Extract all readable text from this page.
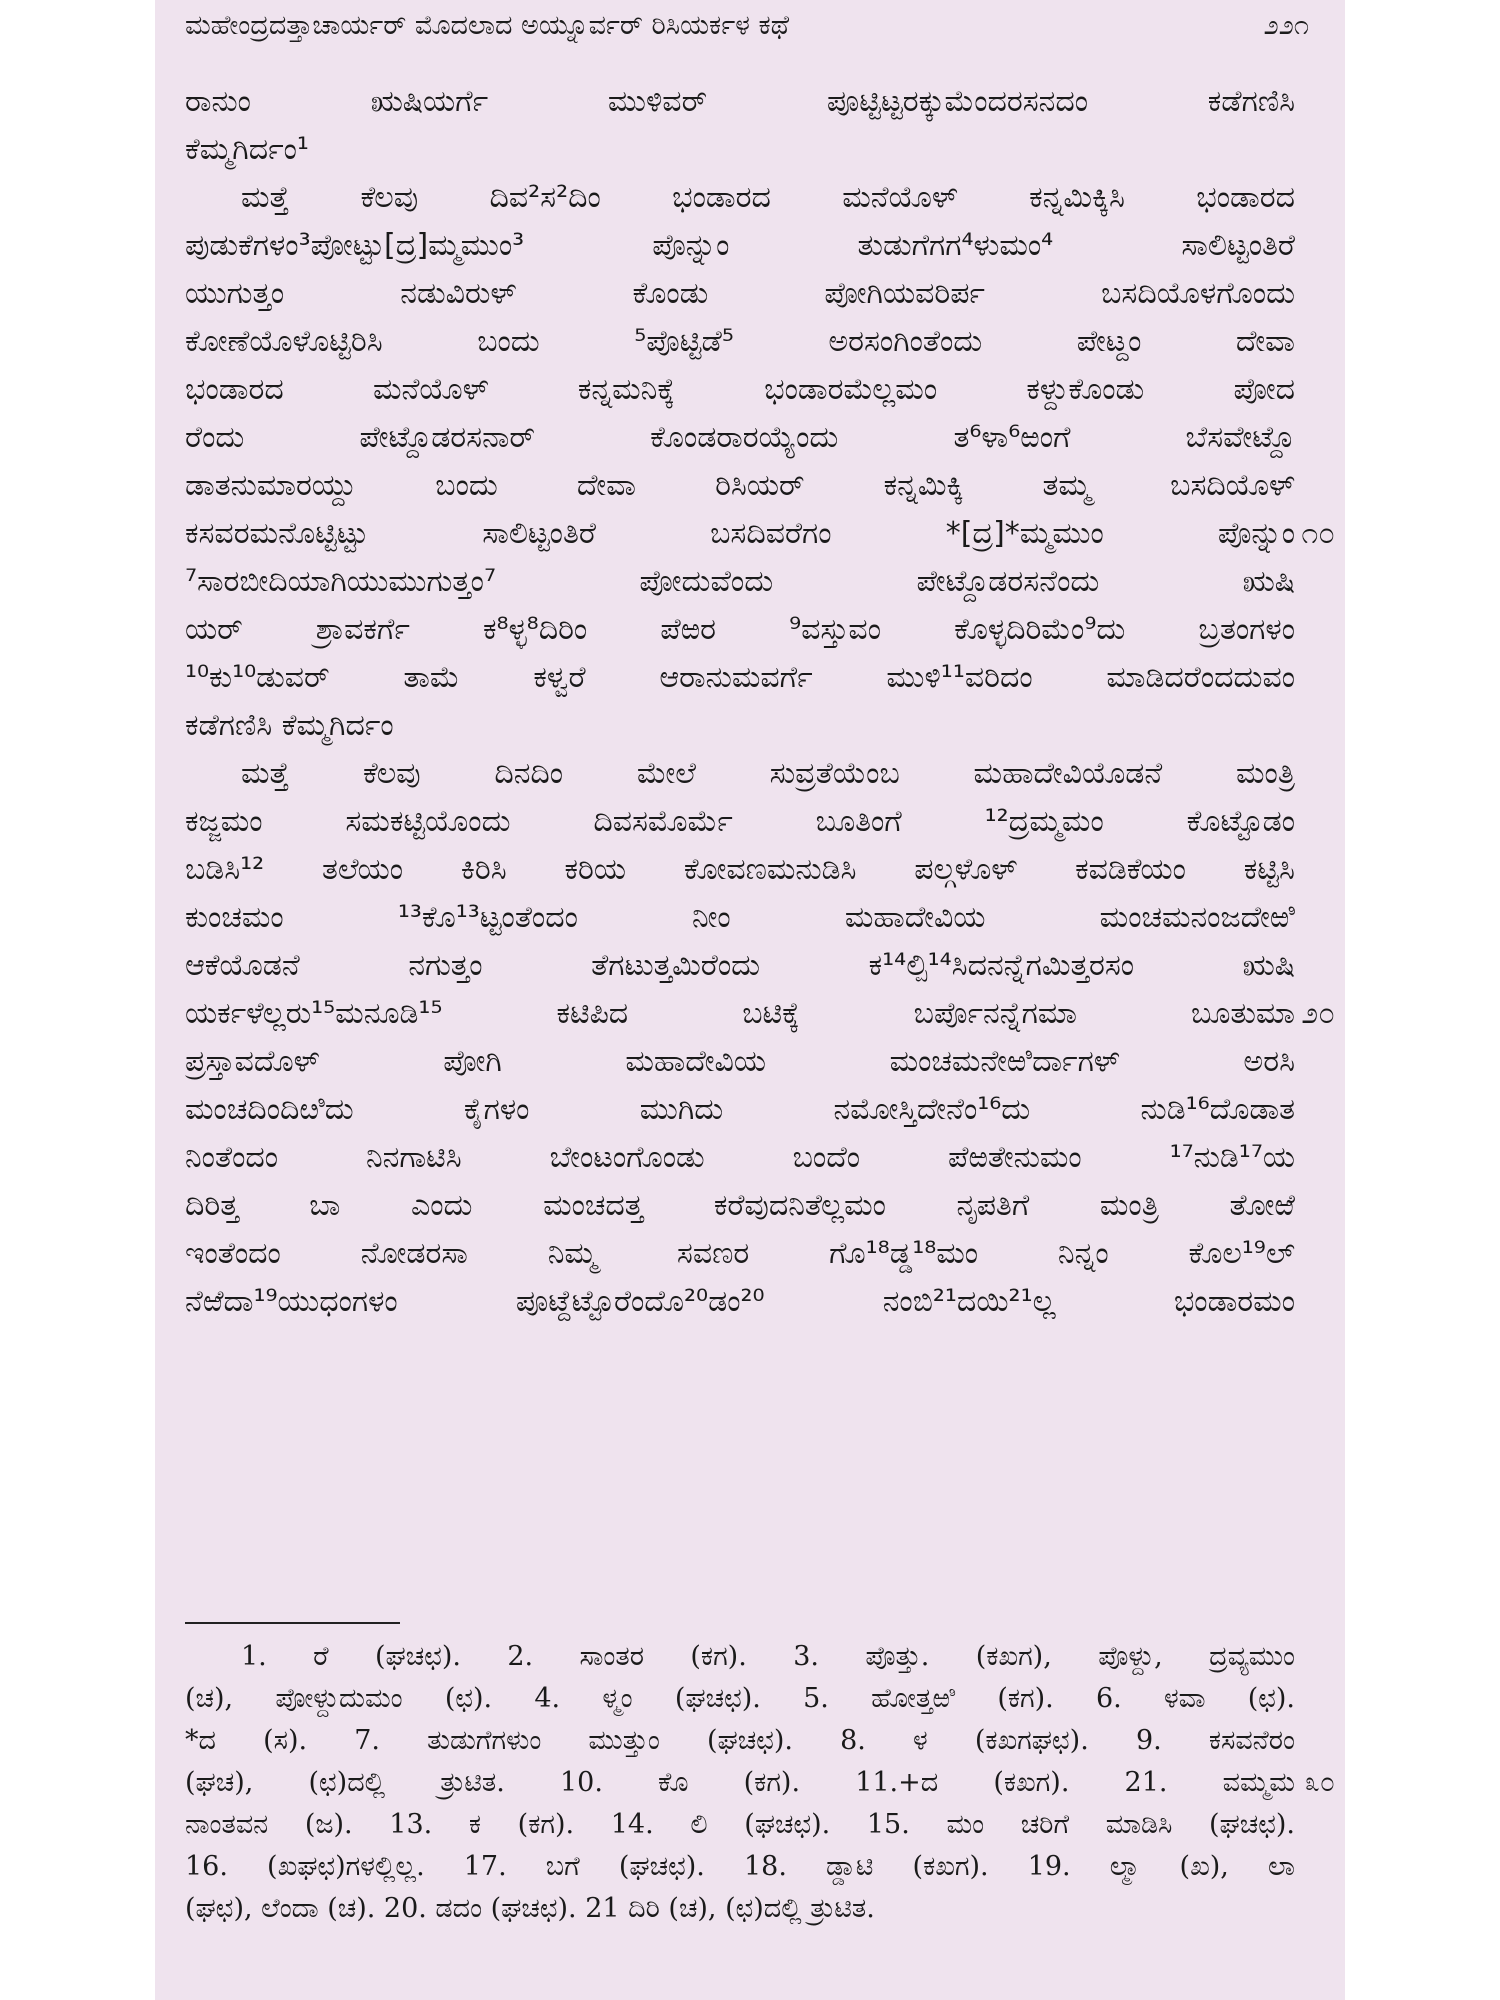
ಮಹೇಂದ್ರದತ್ತಾಚಾರ್ಯರ್ ಮೊದಲಾದ ಅಯ್ನೂರ್ವರ್ ರಿಸಿಯರ್ಕಳ ಕಥೆ	೨೨೧
ರಾನುಂ ಋಷಿಯರ್ಗೆ ಮುಳಿವರ್ ಪೂಟ್ಟಿಟ್ಟರಕ್ಕುಮೆಂದರಸನದಂ ಕಡೆಗಣಿಸಿ
ಕೆಮ್ಮಗಿರ್ದಂ¹
ಮತ್ತೆ ಕೆಲವು ದಿವ²ಸ²ದಿಂ ಭಂಡಾರದ ಮನೆಯೊಳ್ ಕನ್ನಮಿಕ್ಕಿಸಿ ಭಂಡಾರದ
ಪುಡುಕೆಗಳಂ³ಪೋಟ್ಟು[ದ್ರ]ಮ್ಮಮುಂ³ ಪೊನ್ನುಂ ತುಡುಗೆಗಗ⁴ಳುಮಂ⁴ ಸಾಲಿಟ್ಟಂತಿರೆ
ಯುಗುತ್ತಂ ನಡುವಿರುಳ್ ಕೊಂಡು ಪೋಗಿಯವರಿರ್ಪ ಬಸದಿಯೊಳಗೊಂದು
ಕೋಣೆಯೊಳೊಟ್ಟಿರಿಸಿ ಬಂದು ⁵ಪೊಟ್ಟಿಡೆ⁵ ಅರಸಂಗಿಂತೆಂದು ಪೇಟ್ದಂ ದೇವಾ
ಭಂಡಾರದ ಮನೆಯೊಳ್ ಕನ್ನಮನಿಕ್ಕೆ ಭಂಡಾರಮೆಲ್ಲಮಂ ಕಳ್ದುಕೊಂಡು ಪೋದ
ರೆಂದು ಪೇಟ್ದೊಡರಸನಾರ್ ಕೊಂಡರಾರಯ್ಯೆಂದು ತ⁶ಳಾ⁶ಱಂಗೆ ಬೆಸವೇಟ್ದೊ
ಡಾತನುಮಾರಯ್ದು ಬಂದು ದೇವಾ ರಿಸಿಯರ್ ಕನ್ನಮಿಕ್ಕಿ ತಮ್ಮ ಬಸದಿಯೊಳ್
ಕಸವರಮನೊಟ್ಟಿಟ್ಟು ಸಾಲಿಟ್ಟಂತಿರೆ ಬಸದಿವರೆಗಂ *[ದ್ರ]*ಮ್ಮಮುಂ ಪೊನ್ನುಂ ೧೦
⁷ಸಾರಬೀದಿಯಾಗಿಯುಮುಗುತ್ತಂ⁷ ಪೋದುವೆಂದು ಪೇಟ್ದೊಡರಸನೆಂದು ಋಷಿ
ಯರ್ ಶ್ರಾವಕರ್ಗೆ ಕ⁸ಳ್ಳ⁸ದಿರಿಂ ಪೆಱರ ⁹ವಸ್ತುವಂ ಕೊಳ್ಳದಿರಿಮೆಂ⁹ದು ಬ್ರತಂಗಳಂ
¹⁰ಕು¹⁰ಡುವರ್ ತಾಮೆ ಕಳ್ವರೆ ಆರಾನುಮವರ್ಗೆ ಮುಳಿ¹¹ವರಿದಂ ಮಾಡಿದರೆಂದದುವಂ
ಕಡೆಗಣಿಸಿ ಕೆಮ್ಮಗಿರ್ದಂ
ಮತ್ತೆ ಕೆಲವು ದಿನದಿಂ ಮೇಲೆ ಸುವ್ರತೆಯೆಂಬ ಮಹಾದೇವಿಯೊಡನೆ ಮಂತ್ರಿ
ಕಜ್ಜಮಂ ಸಮಕಟ್ಟಿಯೊಂದು ದಿವಸಮೊರ್ಮೆ ಬೂತಿಂಗೆ ¹²ದ್ರಮ್ಮಮಂ ಕೊಟ್ಟೊಡಂ
ಬಡಿಸಿ¹² ತಲೆಯಂ ಕಿರಿಸಿ ಕರಿಯ ಕೋವಣಮನುಡಿಸಿ ಪಲ್ಗಳೊಳ್ ಕವಡಿಕೆಯಂ ಕಟ್ಟಿಸಿ
ಕುಂಚಮಂ ¹³ಕೊ¹³ಟ್ಟಂತೆಂದಂ ನೀಂ ಮಹಾದೇವಿಯ ಮಂಚಮನಂಜದೇಱಿ
ಆಕೆಯೊಡನೆ ನಗುತ್ತಂ ತೆಗಟುತ್ತಮಿರೆಂದು ಕ¹⁴ಲ್ಪಿ¹⁴ಸಿದನನ್ನೆಗಮಿತ್ತರಸಂ ಋಷಿ
ಯರ್ಕಳೆಲ್ಲರು¹⁵ಮನೂಡಿ¹⁵ ಕಟಿಪಿದ ಬಟಿಕ್ಕೆ ಬರ್ಪೊನನ್ನೆಗಮಾ ಬೂತುಮಾ ೨೦
ಪ್ರಸ್ತಾವದೊಳ್ ಪೋಗಿ ಮಹಾದೇವಿಯ ಮಂಚಮನೇಱಿರ್ದಾಗಳ್ ಅರಸಿ
ಮಂಚದಿಂದಿೞಿದು ಕೈಗಳಂ ಮುಗಿದು ನಮೋಸ್ತಿದೇನೆಂ¹⁶ದು ನುಡಿ¹⁶ದೊಡಾತ
ನಿಂತೆಂದಂ ನಿನಗಾಟಿಸಿ ಬೇಂಟಂಗೊಂಡು ಬಂದೆಂ ಪೆಱತೇನುಮಂ ¹⁷ನುಡಿ¹⁷ಯ
ದಿರಿತ್ತ ಬಾ ಎಂದು ಮಂಚದತ್ತ ಕರೆವುದನಿತೆಲ್ಲಮಂ ನೃಪತಿಗೆ ಮಂತ್ರಿ ತೋಱೆ
ಇಂತೆಂದಂ ನೋಡರಸಾ ನಿಮ್ಮ ಸವಣರ ಗೊ¹⁸ಡ್ಡ¹⁸ಮಂ ನಿನ್ನಂ ಕೊಲ¹⁹ಲ್
ನೆಱೆದಾ¹⁹ಯುಧಂಗಳಂ ಪೂಟ್ದೆಟ್ಟೊರೆಂದೊ²⁰ಡಂ²⁰ ನಂಬಿ²¹ದಯಿ²¹ಲ್ಲ ಭಂಡಾರಮಂ
1. ರೆ (ಘಚಛ). 2. ಸಾಂತರ (ಕಗ). 3. ಪೊತ್ತು. (ಕಖಗ), ಪೊಳ್ದು, ದ್ರವ್ಯಮುಂ
(ಚ), ಪೋಳ್ದುದುಮಂ (ಛ). 4. ಳ್ಮಂ (ಘಚಛ). 5. ಹೋತ್ತಱಿ (ಕಗ). 6. ಳವಾ (ಛ).
*ದ (ಸ). 7. ತುಡುಗೆಗಳುಂ ಮುತ್ತುಂ (ಘಚಛ). 8. ಳ (ಕಖಗಘಛ). 9. ಕಸವನೆರಂ
(ಘಚ), (ಛ)ದಲ್ಲಿ ತ್ರುಟಿತ. 10. ಕೊ (ಕಗ). 11.+ದ (ಕಖಗ). 21. ವಮ್ಮಮ ೩೦
ನಾಂತವನ (ಜ). 13. ಕ (ಕಗ). 14. ಲಿ (ಘಚಛ). 15. ಮಂ ಚರಿಗೆ ಮಾಡಿಸಿ (ಘಚಛ).
16. (ಖಘಛ)ಗಳಲ್ಲಿಲ್ಲ. 17. ಬಗೆ (ಘಚಛ). 18. ಡ್ಡಾಟಿ (ಕಖಗ). 19. ಲ್ಮಾ (ಖ), ಲಾ
(ಘಛ), ಲೆಂದಾ (ಚ). 20. ಡದಂ (ಘಚಛ). 21 ದಿರಿ (ಚ), (ಛ)ದಲ್ಲಿ ತ್ರುಟಿತ.
